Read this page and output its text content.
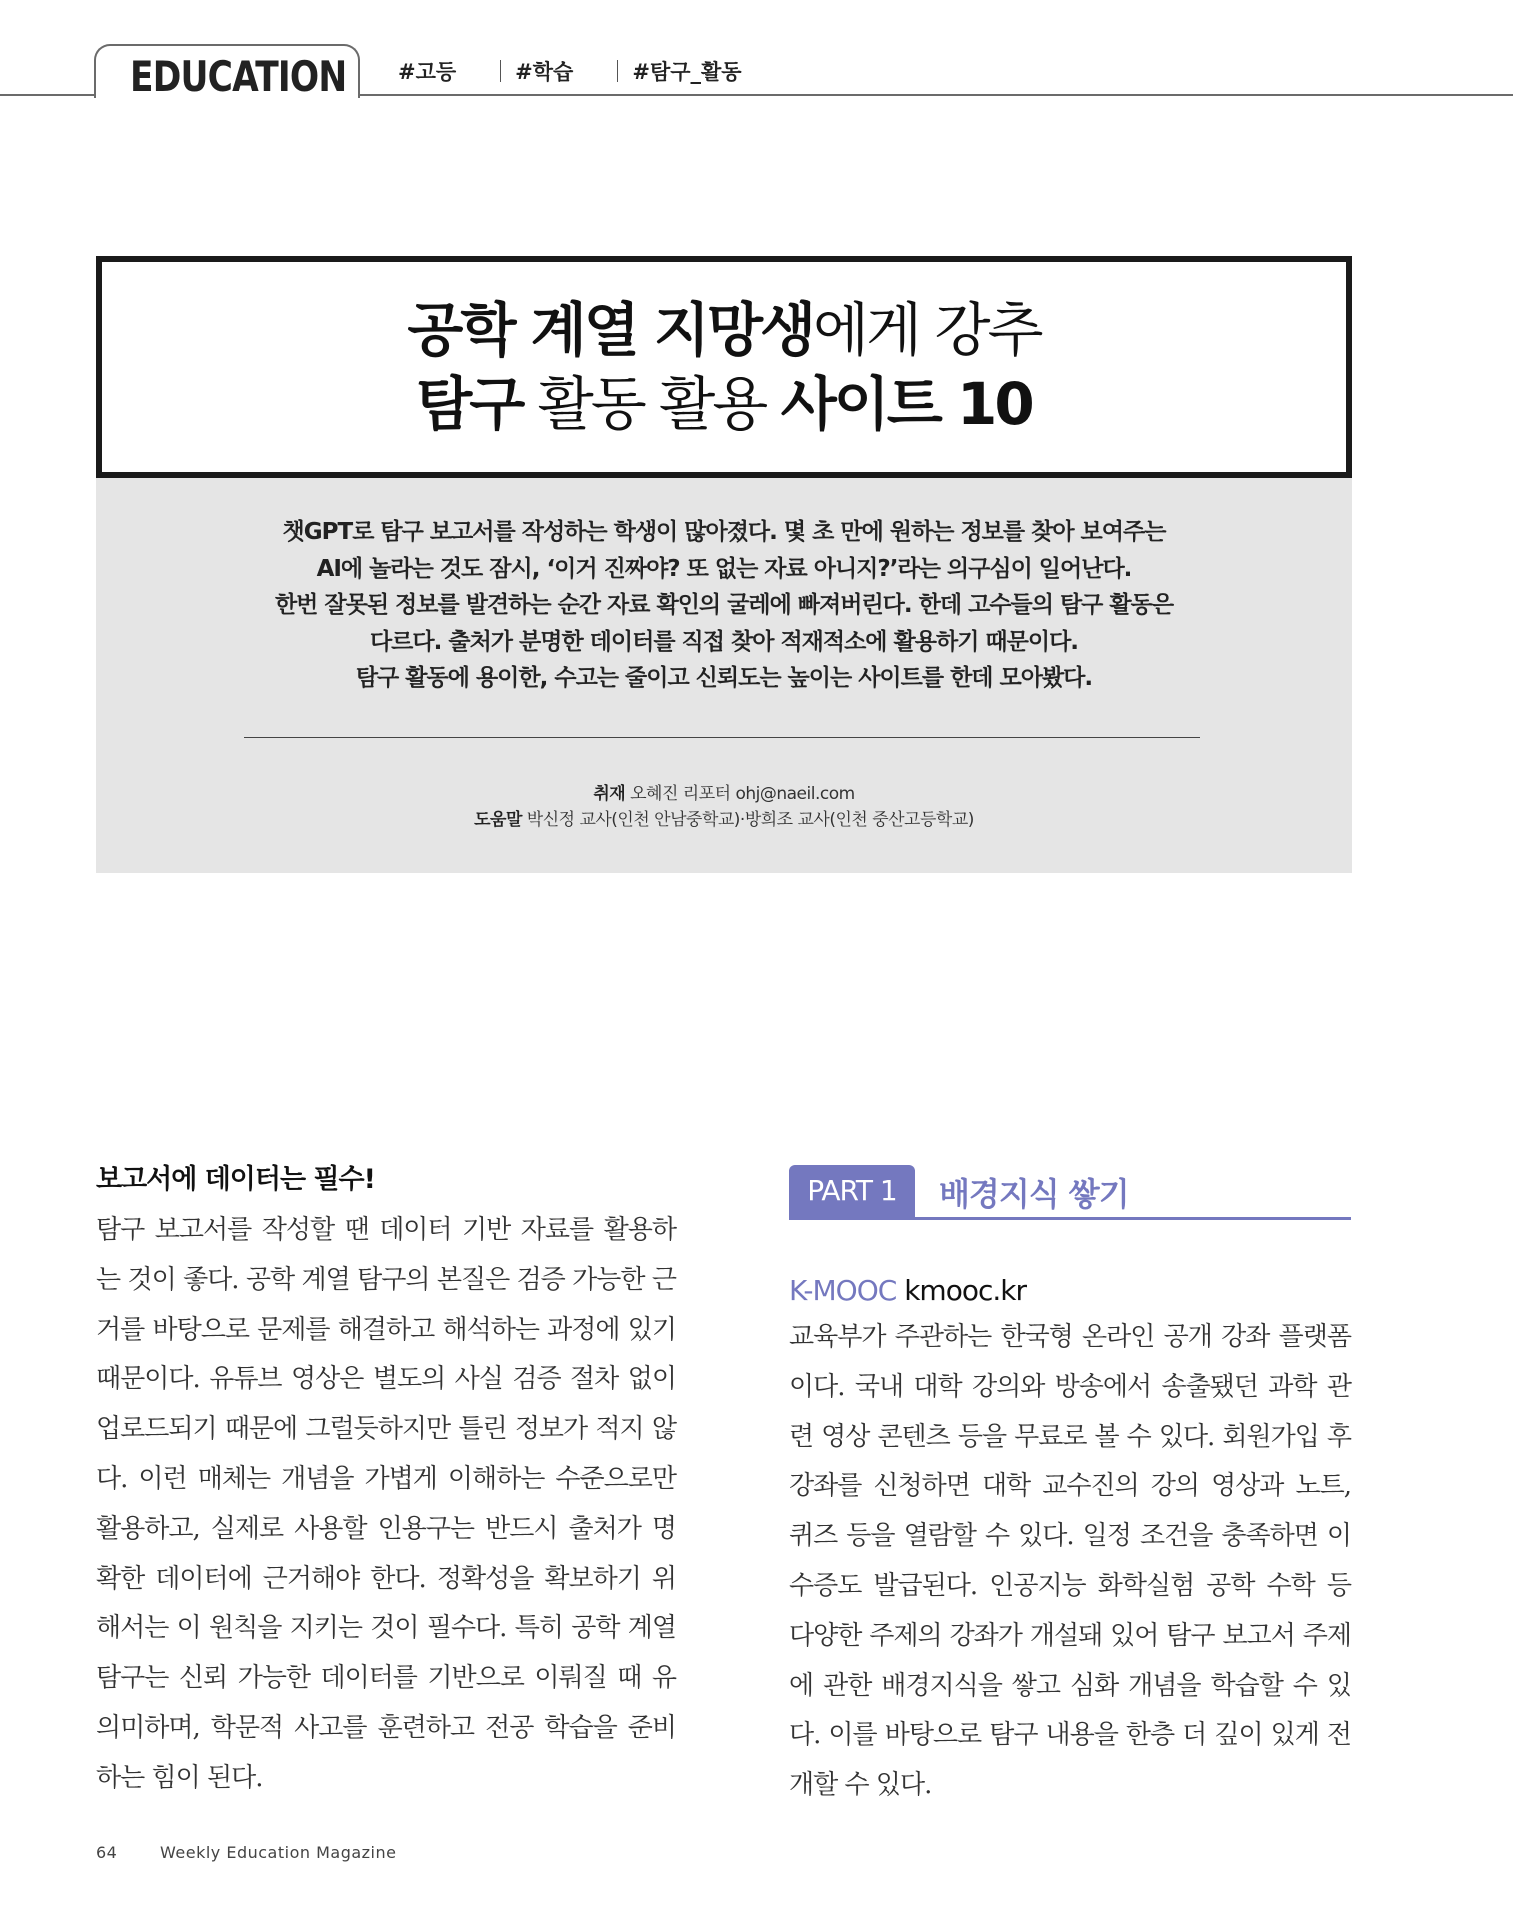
EDUCATION #고등	#학습	#탐구_활동
공학 계열 지망생에게 강추
탐구 활동 활용 사이트 10
챗GPT로 탐구 보고서를 작성하는 학생이 많아졌다. 몇 초 만에 원하는 정보를 찾아 보여주는
AI에 놀라는 것도 잠시, ‘이거 진짜야? 또 없는 자료 아니지?’라는 의구심이 일어난다.
한번 잘못된 정보를 발견하는 순간 자료 확인의 굴레에 빠져버린다. 한데 고수들의 탐구 활동은
다르다. 출처가 분명한 데이터를 직접 찾아 적재적소에 활용하기 때문이다.
탐구 활동에 용이한, 수고는 줄이고 신뢰도는 높이는 사이트를 한데 모아봤다.
취재 오혜진 리포터 ohj@naeil.com
도움말 박신정 교사(인천 안남중학교)·방희조 교사(인천 중산고등학교)
보고서에 데이터는 필수!
탐구 보고서를 작성할 땐 데이터 기반 자료를 활용하는 것이 좋다. 공학 계열 탐구의 본질은 검증 가능한 근거를 바탕으로 문제를 해결하고 해석하는 과정에 있기 때문이다. 유튜브 영상은 별도의 사실 검증 절차 없이 업로드되기 때문에 그럴듯하지만 틀린 정보가 적지 않다. 이런 매체는 개념을 가볍게 이해하는 수준으로만 활용하고, 실제로 사용할 인용구는 반드시 출처가 명확한 데이터에 근거해야 한다. 정확성을 확보하기 위해서는 이 원칙을 지키는 것이 필수다. 특히 공학 계열 탐구는 신뢰 가능한 데이터를 기반으로 이뤄질 때 유의미하며, 학문적 사고를 훈련하고 전공 학습을 준비하는 힘이 된다.
PART 1	배경지식 쌓기
K-MOOC kmooc.kr
교육부가 주관하는 한국형 온라인 공개 강좌 플랫폼이다. 국내 대학 강의와 방송에서 송출됐던 과학 관련 영상 콘텐츠 등을 무료로 볼 수 있다. 회원가입 후 강좌를 신청하면 대학 교수진의 강의 영상과 노트, 퀴즈 등을 열람할 수 있다. 일정 조건을 충족하면 이수증도 발급된다. 인공지능 화학실험 공학 수학 등 다양한 주제의 강좌가 개설돼 있어 탐구 보고서 주제에 관한 배경지식을 쌓고 심화 개념을 학습할 수 있다. 이를 바탕으로 탐구 내용을 한층 더 깊이 있게 전개할 수 있다.
64	Weekly Education Magazine
